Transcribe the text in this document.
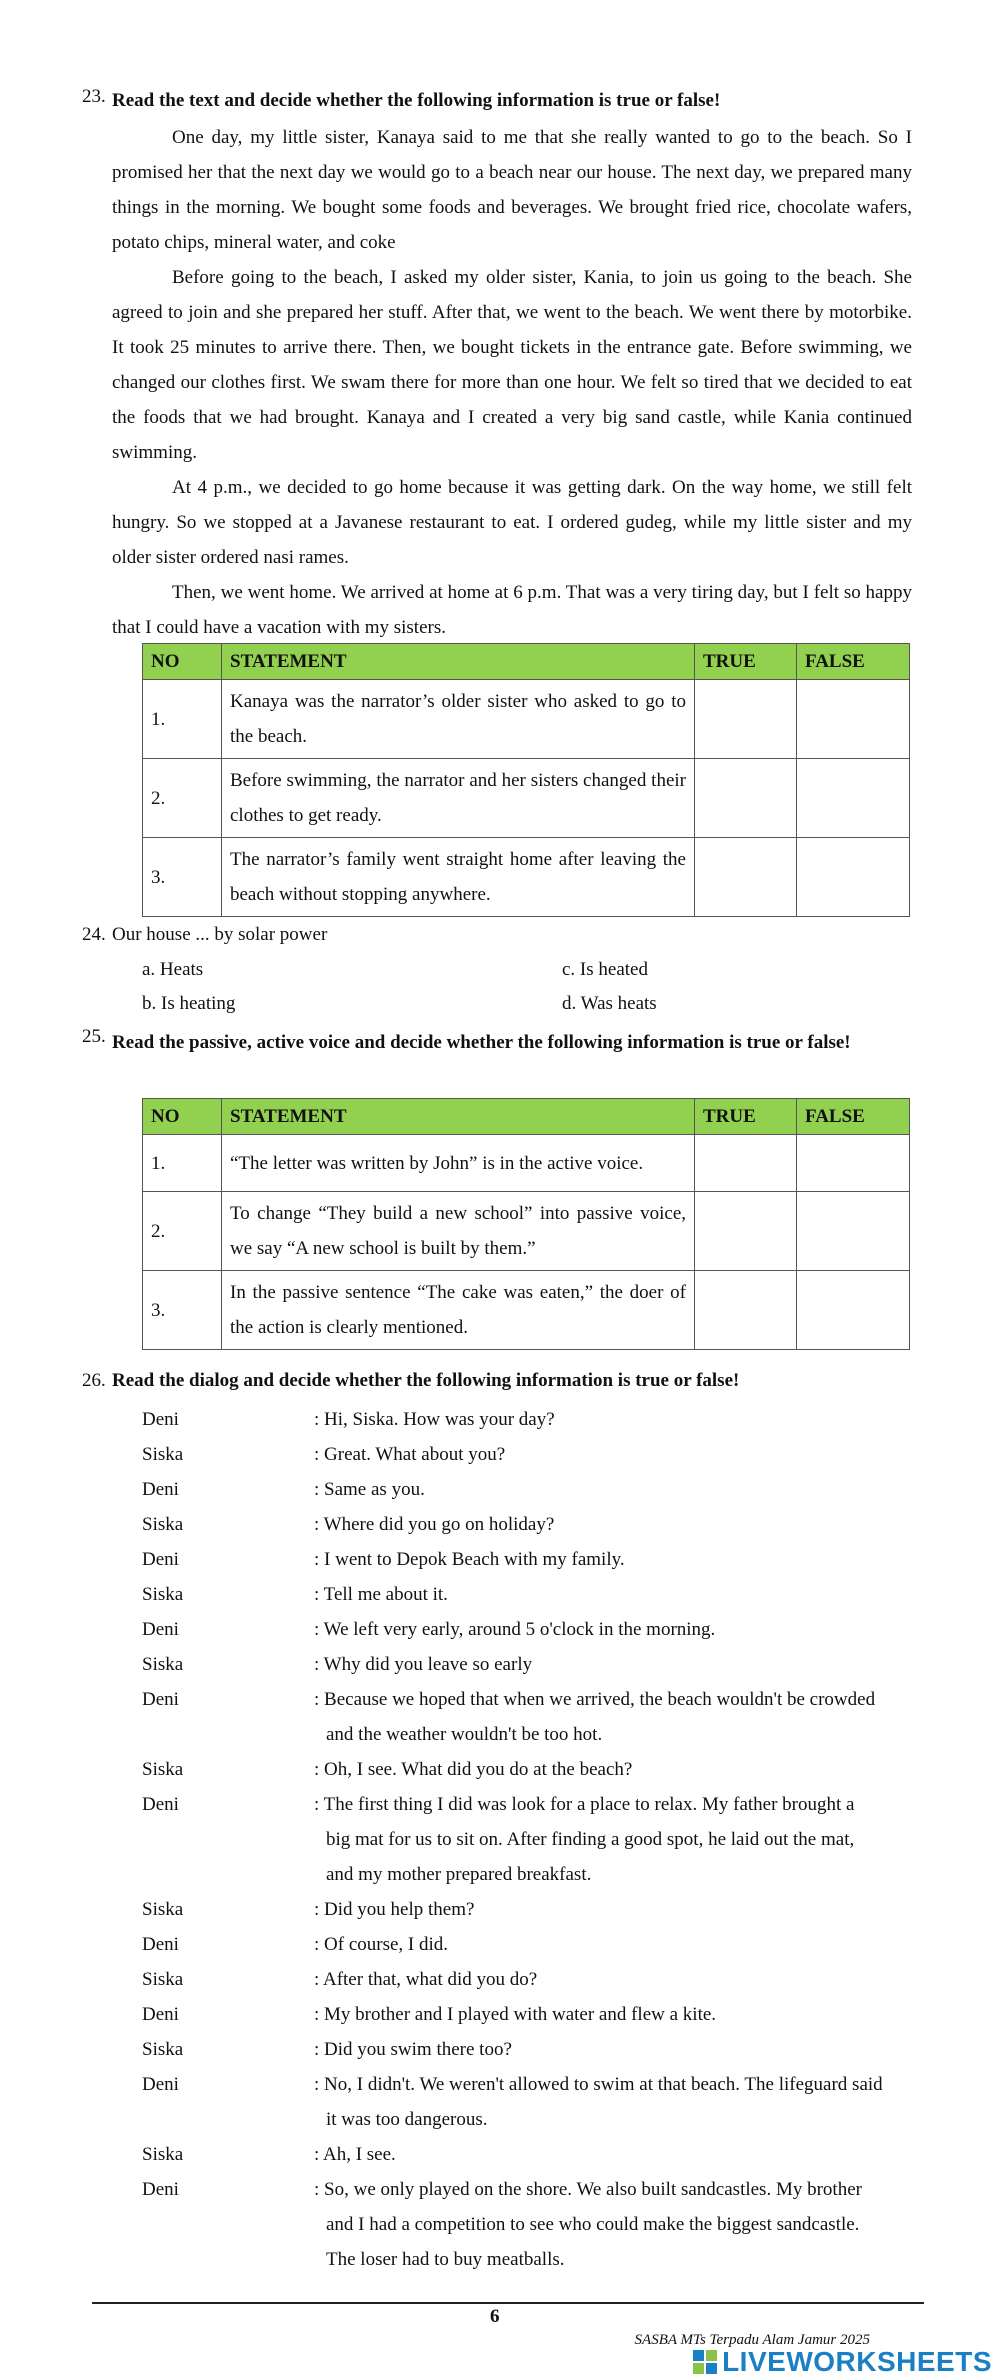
23. Read the text and decide whether the following information is true or false!

One day, my little sister, Kanaya said to me that she really wanted to go to the beach. So I promised her that the next day we would go to a beach near our house. The next day, we prepared many things in the morning. We bought some foods and beverages. We brought fried rice, chocolate wafers, potato chips, mineral water, and coke

Before going to the beach, I asked my older sister, Kania, to join us going to the beach. She agreed to join and she prepared her stuff. After that, we went to the beach. We went there by motorbike. It took 25 minutes to arrive there. Then, we bought tickets in the entrance gate. Before swimming, we changed our clothes first. We swam there for more than one hour. We felt so tired that we decided to eat the foods that we had brought. Kanaya and I created a very big sand castle, while Kania continued swimming.

At 4 p.m., we decided to go home because it was getting dark. On the way home, we still felt hungry. So we stopped at a Javanese restaurant to eat. I ordered gudeg, while my little sister and my older sister ordered nasi rames.

Then, we went home. We arrived at home at 6 p.m. That was a very tiring day, but I felt so happy that I could have a vacation with my sisters.

NO	STATEMENT	TRUE	FALSE
1.	Kanaya was the narrator’s older sister who asked to go to the beach.		
2.	Before swimming, the narrator and her sisters changed their clothes to get ready.		
3.	The narrator’s family went straight home after leaving the beach without stopping anywhere.		
24. Our house ... by solar power
a. Heats	c. Is heated
b. Is heating	d. Was heats
25. Read the passive, active voice and decide whether the following information is true or false!

NO	STATEMENT	TRUE	FALSE
1.	“The letter was written by John” is in the active voice.		
2.	To change “They build a new school” into passive voice, we say “A new school is built by them.”		
3.	In the passive sentence “The cake was eaten,” the doer of the action is clearly mentioned.		
26. Read the dialog and decide whether the following information is true or false!
Deni	: Hi, Siska. How was your day?
Siska	: Great. What about you?
Deni	: Same as you.
Siska	: Where did you go on holiday?
Deni	: I went to Depok Beach with my family.
Siska	: Tell me about it.
Deni	: We left very early, around 5 o'clock in the morning.
Siska	: Why did you leave so early
Deni	: Because we hoped that when we arrived, the beach wouldn't be crowded
and the weather wouldn't be too hot.
Siska	: Oh, I see. What did you do at the beach?
Deni	: The first thing I did was look for a place to relax. My father brought a
big mat for us to sit on. After finding a good spot, he laid out the mat,
and my mother prepared breakfast.
Siska	: Did you help them?
Deni	: Of course, I did.
Siska	: After that, what did you do?
Deni	: My brother and I played with water and flew a kite.
Siska	: Did you swim there too?
Deni	: No, I didn't. We weren't allowed to swim at that beach. The lifeguard said
it was too dangerous.
Siska	: Ah, I see.
Deni	: So, we only played on the shore. We also built sandcastles. My brother
and I had a competition to see who could make the biggest sandcastle.
The loser had to buy meatballs.
6
SASBA MTs Terpadu Alam Jamur 2025
LIVEWORKSHEETS
